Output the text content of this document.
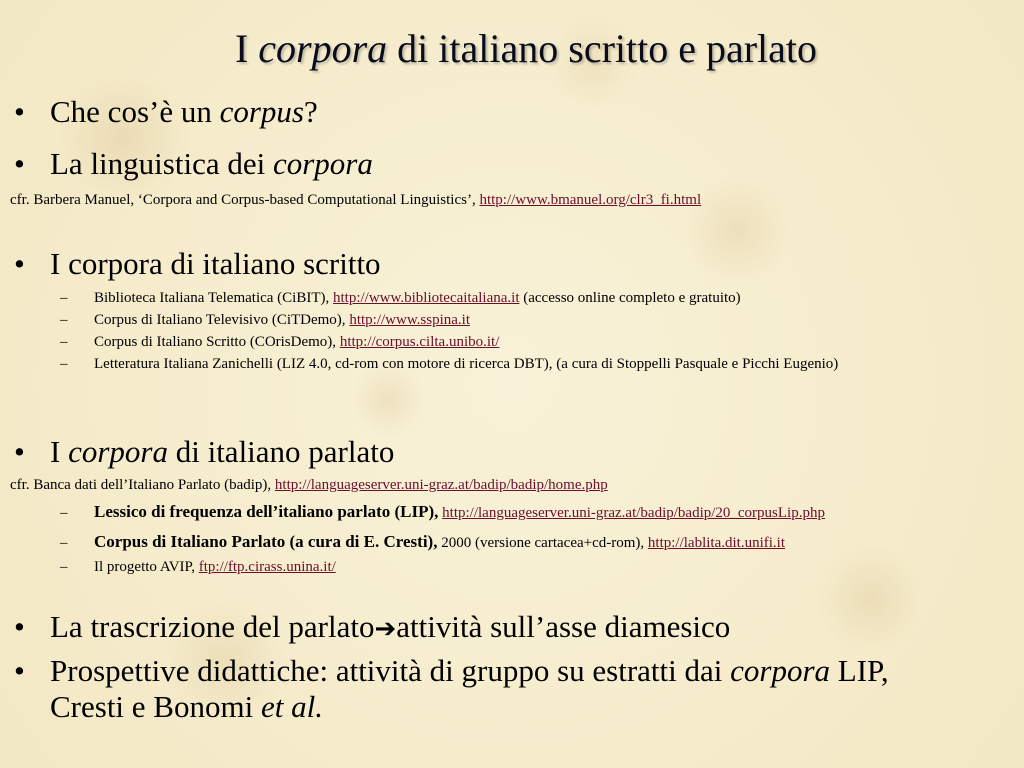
I corpora di italiano scritto e parlato
• Che cos’è un corpus?
• La linguistica dei corpora
cfr. Barbera Manuel, ‘Corpora and Corpus-based Computational Linguistics’, http://www.bmanuel.org/clr3_fi.html
• I corpora di italiano scritto
– Biblioteca Italiana Telematica (CiBIT), http://www.bibliotecaitaliana.it (accesso online completo e gratuito)
– Corpus di Italiano Televisivo (CiTDemo), http://www.sspina.it
– Corpus di Italiano Scritto (COrisDemo), http://corpus.cilta.unibo.it/
– Letteratura Italiana Zanichelli (LIZ 4.0, cd-rom con motore di ricerca DBT), (a cura di Stoppelli Pasquale e Picchi Eugenio)
• I corpora di italiano parlato
cfr. Banca dati dell’Italiano Parlato (badip), http://languageserver.uni-graz.at/badip/badip/home.php
– Lessico di frequenza dell’italiano parlato (LIP), http://languageserver.uni-graz.at/badip/badip/20_corpusLip.php
– Corpus di Italiano Parlato (a cura di E. Cresti), 2000 (versione cartacea+cd-rom), http://lablita.dit.unifi.it
– Il progetto AVIP, ftp://ftp.cirass.unina.it/
• La trascrizione del parlato➔attività sull’asse diamesico
• Prospettive didattiche: attività di gruppo su estratti dai corpora LIP,
Cresti e Bonomi et al.
